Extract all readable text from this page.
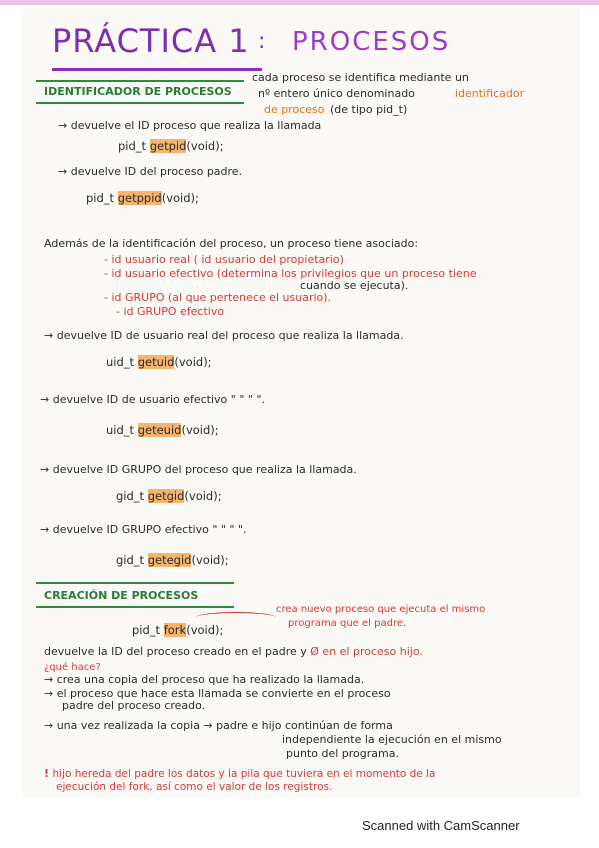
PRÁCTICA 1 : PROCESOS
IDENTIFICADOR DE PROCESOS
cada proceso se identifica mediante un
nº entero único denominado	identificador
de proceso (de tipo pid_t)
→ devuelve el ID proceso que realiza la llamada
pid_t getpid(void);
→ devuelve ID del proceso padre.
pid_t getppid(void);
Además de la identificación del proceso, un proceso tiene asociado:
- id usuario real ( id usuario del propietario)
- id usuario efectivo (determina los privilegios que un proceso tiene
cuando se ejecuta).
- id GRUPO (al que pertenece el usuario).
- id GRUPO efectivo
→ devuelve ID de usuario real del proceso que realiza la llamada.
uid_t getuid(void);
→ devuelve ID de usuario efectivo " " " ".
uid_t geteuid(void);
→ devuelve ID GRUPO del proceso que realiza la llamada.
gid_t getgid(void);
→ devuelve ID GRUPO efectivo " " " ".
gid_t getegid(void);
CREACIÓN DE PROCESOS
pid_t fork(void);
crea nuevo proceso que ejecuta el mismo
programa que el padre.
devuelve la ID del proceso creado en el padre y Ø en el proceso hijo.
¿qué hace?
→ crea una copia del proceso que ha realizado la llamada.
→ el proceso que hace esta llamada se convierte en el proceso
padre del proceso creado.
→ una vez realizada la copia → padre e hijo continúan de forma
independiente la ejecución en el mismo
punto del programa.
! hijo hereda del padre los datos y la pila que tuviera en el momento de la
ejecución del fork, así como el valor de los registros.
Scanned with CamScanner
